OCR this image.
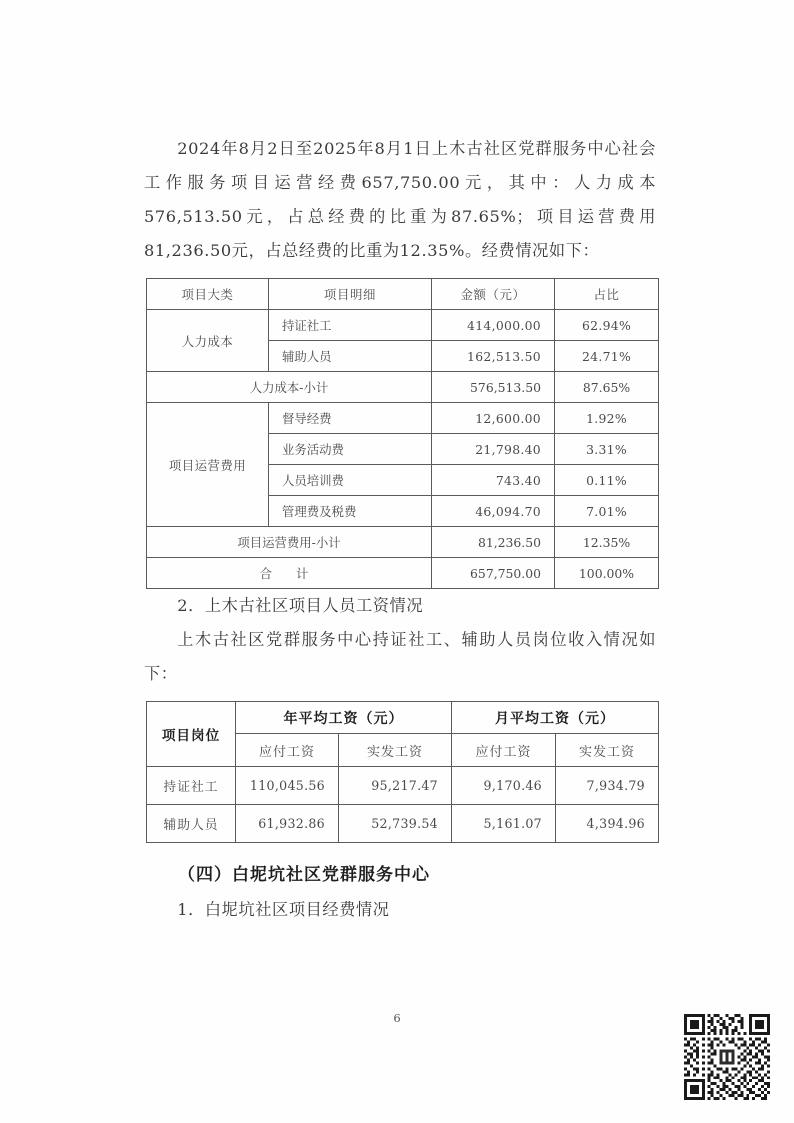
2024年8月2日至2025年8月1日上木古社区党群服务中心社会工作服务项目运营经费657,750.00元，其中：人力成本576,513.50元，占总经费的比重为87.65%；项目运营费用81,236.50元，占总经费的比重为12.35%。经费情况如下：

项目大类	项目明细	金额（元）	占比
人力成本	持证社工	414,000.00	62.94%
	辅助人员	162,513.50	24.71%
人力成本-小计		576,513.50	87.65%
项目运营费用	督导经费	12,600.00	1.92%
	业务活动费	21,798.40	3.31%
	人员培训费	743.40	0.11%
	管理费及税费	46,094.70	7.01%
项目运营费用-小计		81,236.50	12.35%
合 计		657,750.00	100.00%

2．上木古社区项目人员工资情况

上木古社区党群服务中心持证社工、辅助人员岗位收入情况如下：

项目岗位	年平均工资（元）		月平均工资（元）	
	应付工资	实发工资	应付工资	实发工资
持证社工	110,045.56	95,217.47	9,170.46	7,934.79
辅助人员	61,932.86	52,739.54	5,161.07	4,394.96

（四）白坭坑社区党群服务中心

1．白坭坑社区项目经费情况

6
